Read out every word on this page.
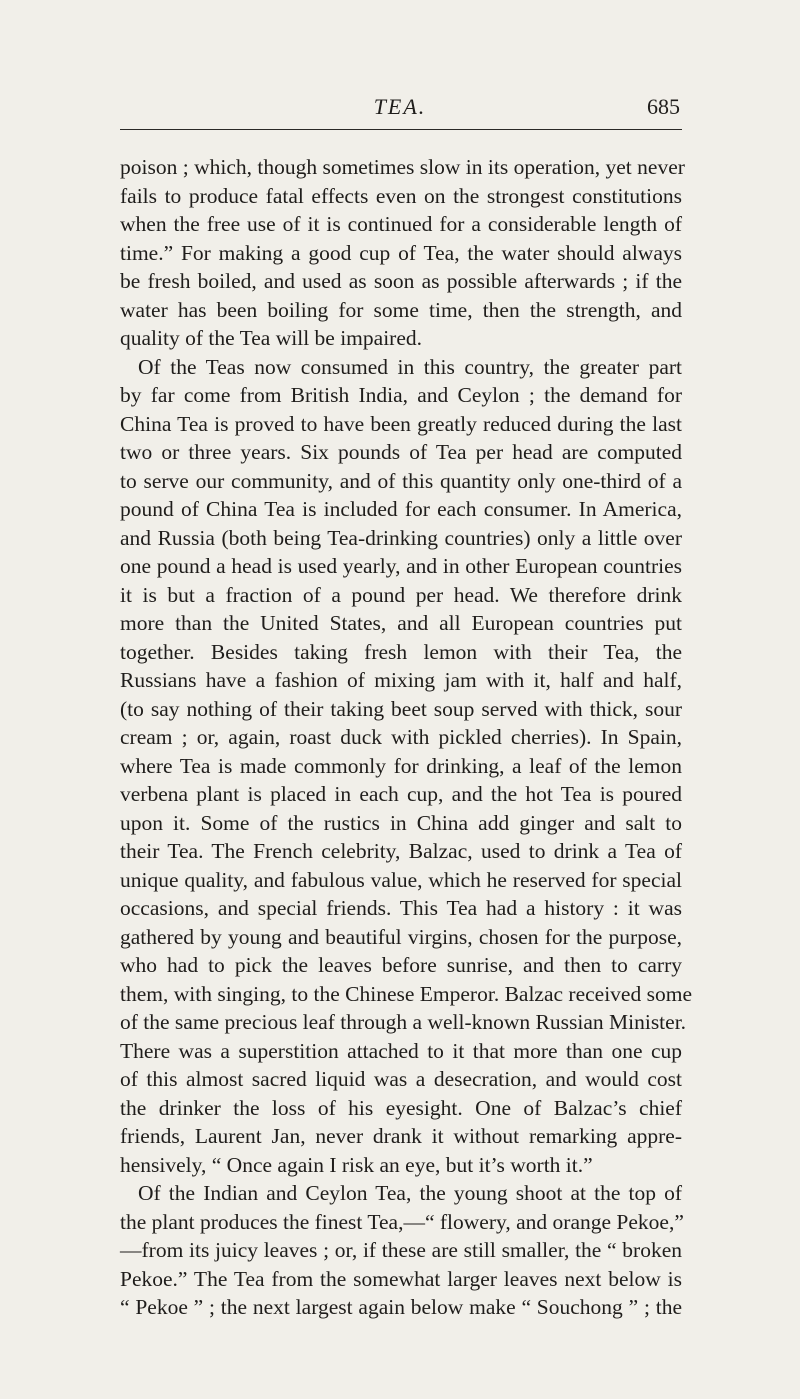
TEA.	685
poison ; which, though sometimes slow in its operation, yet never
fails to produce fatal effects even on the strongest constitutions
when the free use of it is continued for a considerable length of
time.” For making a good cup of Tea, the water should always
be fresh boiled, and used as soon as possible afterwards ; if the
water has been boiling for some time, then the strength, and
quality of the Tea will be impaired.
Of the Teas now consumed in this country, the greater part
by far come from British India, and Ceylon ; the demand for
China Tea is proved to have been greatly reduced during the last
two or three years. Six pounds of Tea per head are computed
to serve our community, and of this quantity only one-third of a
pound of China Tea is included for each consumer. In America,
and Russia (both being Tea-drinking countries) only a little over
one pound a head is used yearly, and in other European countries
it is but a fraction of a pound per head. We therefore drink
more than the United States, and all European countries put
together. Besides taking fresh lemon with their Tea, the
Russians have a fashion of mixing jam with it, half and half,
(to say nothing of their taking beet soup served with thick, sour
cream ; or, again, roast duck with pickled cherries). In Spain,
where Tea is made commonly for drinking, a leaf of the lemon
verbena plant is placed in each cup, and the hot Tea is poured
upon it. Some of the rustics in China add ginger and salt to
their Tea. The French celebrity, Balzac, used to drink a Tea of
unique quality, and fabulous value, which he reserved for special
occasions, and special friends. This Tea had a history : it was
gathered by young and beautiful virgins, chosen for the purpose,
who had to pick the leaves before sunrise, and then to carry
them, with singing, to the Chinese Emperor. Balzac received some
of the same precious leaf through a well-known Russian Minister.
There was a superstition attached to it that more than one cup
of this almost sacred liquid was a desecration, and would cost
the drinker the loss of his eyesight. One of Balzac’s chief
friends, Laurent Jan, never drank it without remarking appre-
hensively, “ Once again I risk an eye, but it’s worth it.”
Of the Indian and Ceylon Tea, the young shoot at the top of
the plant produces the finest Tea,—“ flowery, and orange Pekoe,”
—from its juicy leaves ; or, if these are still smaller, the “ broken
Pekoe.” The Tea from the somewhat larger leaves next below is
“ Pekoe ” ; the next largest again below make “ Souchong ” ; the
